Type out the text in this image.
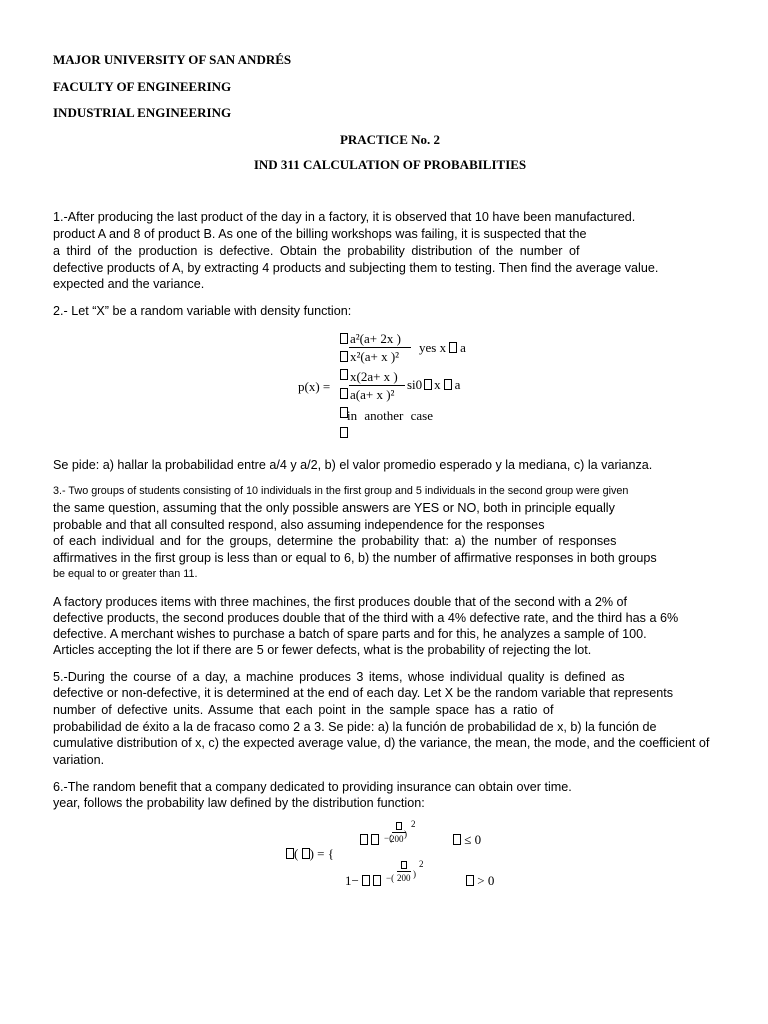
MAJOR UNIVERSITY OF SAN ANDRÉS
FACULTY OF ENGINEERING
INDUSTRIAL ENGINEERING
PRACTICE No. 2
IND 311 CALCULATION OF PROBABILITIES
1.-After producing the last product of the day in a factory, it is observed that 10 have been manufactured.
product A and 8 of product B. As one of the billing workshops was failing, it is suspected that the
a third of the production is defective. Obtain the probability distribution of the number of
defective products of A, by extracting 4 products and subjecting them to testing. Then find the average value.
expected and the variance.
2.- Let “X” be a random variable with density function:
p(x) =
a²(a+ 2x )
x²(a+ x )²
yes x a
x(2a+ x )
a(a+ x )²
si0 x a
in another case
Se pide: a) hallar la probabilidad entre a/4 y a/2, b) el valor promedio esperado y la mediana, c) la varianza.
3.- Two groups of students consisting of 10 individuals in the first group and 5 individuals in the second group were given
the same question, assuming that the only possible answers are YES or NO, both in principle equally
probable and that all consulted respond, also assuming independence for the responses
of each individual and for the groups, determine the probability that: a) the number of responses
affirmatives in the first group is less than or equal to 6, b) the number of affirmative responses in both groups
be equal to or greater than 11.
A factory produces items with three machines, the first produces double that of the second with a 2% of
defective products, the second produces double that of the third with a 4% defective rate, and the third has a 6%
defective. A merchant wishes to purchase a batch of spare parts and for this, he analyzes a sample of 100.
Articles accepting the lot if there are 5 or fewer defects, what is the probability of rejecting the lot.
5.-During the course of a day, a machine produces 3 items, whose individual quality is defined as
defective or non-defective, it is determined at the end of each day. Let X be the random variable that represents
number of defective units. Assume that each point in the sample space has a ratio of
probabilidad de éxito a la de fracaso como 2 a 3. Se pide: a) la función de probabilidad de x, b) la función de
cumulative distribution of x, c) the expected average value, d) the variance, the mean, the mode, and the coefficient of
variation.
6.-The random benefit that a company dedicated to providing insurance can obtain over time.
year, follows the probability law defined by the distribution function:
( ) = {

−(
200 )
2
≤ 0
1−	−( 200 )
2
> 0
